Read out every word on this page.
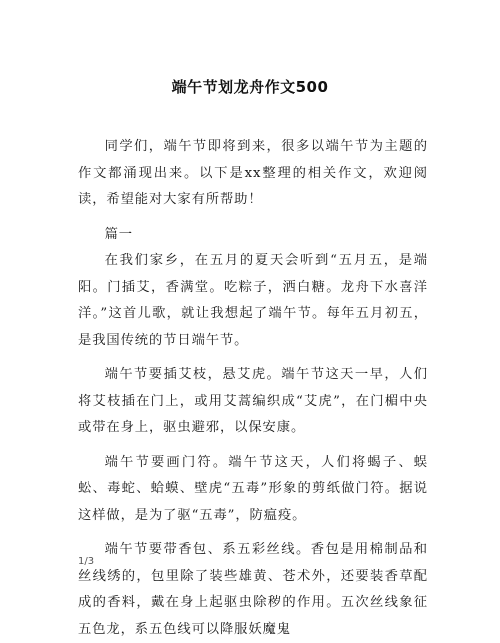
端午节划龙舟作文500

同学们，端午节即将到来，很多以端午节为主题的作文都涌现出来。以下是xx整理的相关作文，欢迎阅读，希望能对大家有所帮助！

篇一

在我们家乡，在五月的夏天会听到“五月五，是端阳。门插艾，香满堂。吃粽子，洒白糖。龙舟下水喜洋洋。”这首儿歌，就让我想起了端午节。每年五月初五，是我国传统的节日端午节。

端午节要插艾枝，悬艾虎。端午节这天一早，人们将艾枝插在门上，或用艾蒿编织成“艾虎”，在门楣中央或带在身上，驱虫避邪，以保安康。

端午节要画门符。端午节这天，人们将蝎子、蜈蚣、毒蛇、蛤蟆、壁虎“五毒”形象的剪纸做门符。据说这样做，是为了驱“五毒”，防瘟疫。

端午节要带香包、系五彩丝线。香包是用棉制品和丝线绣的，包里除了装些雄黄、苍术外，还要装香草配成的香料，戴在身上起驱虫除秽的作用。五次丝线象征五色龙，系五色线可以降服妖魔鬼

1/3
